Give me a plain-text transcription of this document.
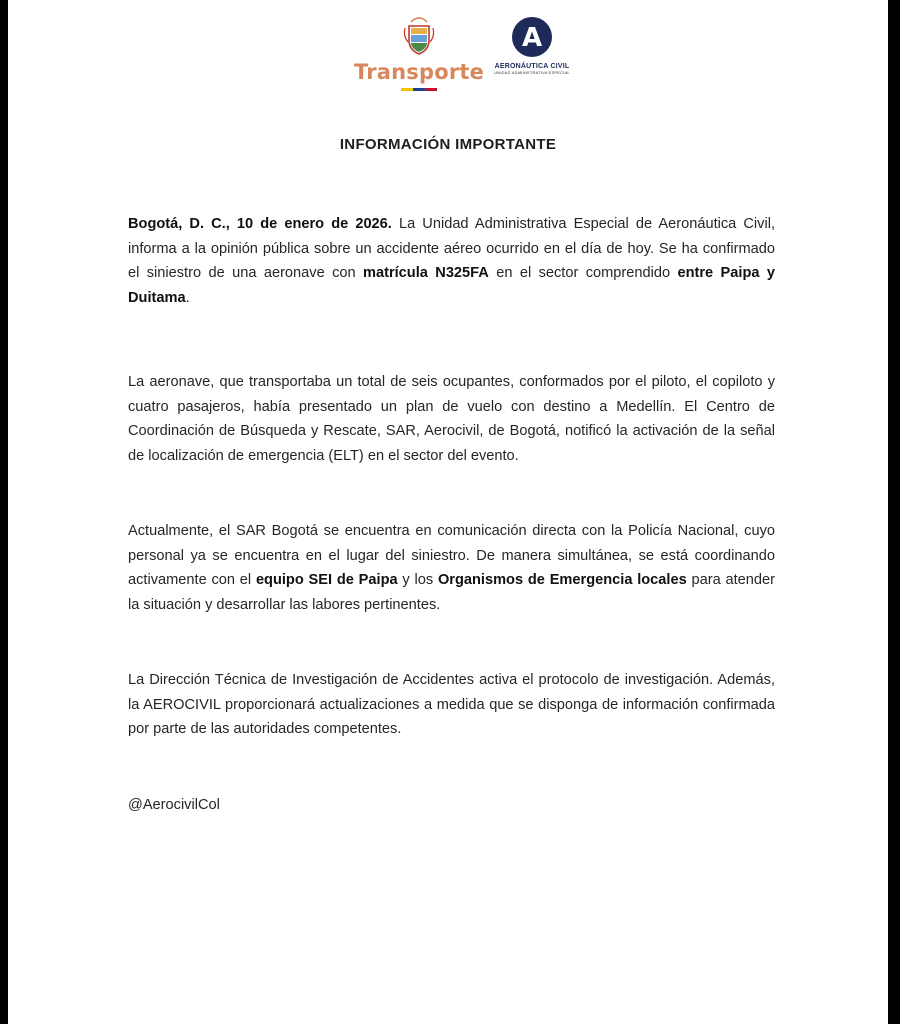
Transporte
A
AERONÁUTICA CIVIL
UNIDAD ADMINISTRATIVA ESPECIAL
INFORMACIÓN IMPORTANTE
Bogotá, D. C., 10 de enero de 2026. La Unidad Administrativa Especial de Aeronáutica Civil, informa a la opinión pública sobre un accidente aéreo ocurrido en el día de hoy. Se ha confirmado el siniestro de una aeronave con matrícula N325FA en el sector comprendido entre Paipa y Duitama.
La aeronave, que transportaba un total de seis ocupantes, conformados por el piloto, el copiloto y cuatro pasajeros, había presentado un plan de vuelo con destino a Medellín. El Centro de Coordinación de Búsqueda y Rescate, SAR, Aerocivil, de Bogotá, notificó la activación de la señal de localización de emergencia (ELT) en el sector del evento.
Actualmente, el SAR Bogotá se encuentra en comunicación directa con la Policía Nacional, cuyo personal ya se encuentra en el lugar del siniestro. De manera simultánea, se está coordinando activamente con el equipo SEI de Paipa y los Organismos de Emergencia locales para atender la situación y desarrollar las labores pertinentes.
La Dirección Técnica de Investigación de Accidentes activa el protocolo de investigación. Además, la AEROCIVIL proporcionará actualizaciones a medida que se disponga de información confirmada por parte de las autoridades competentes.
@AerocivilCol
